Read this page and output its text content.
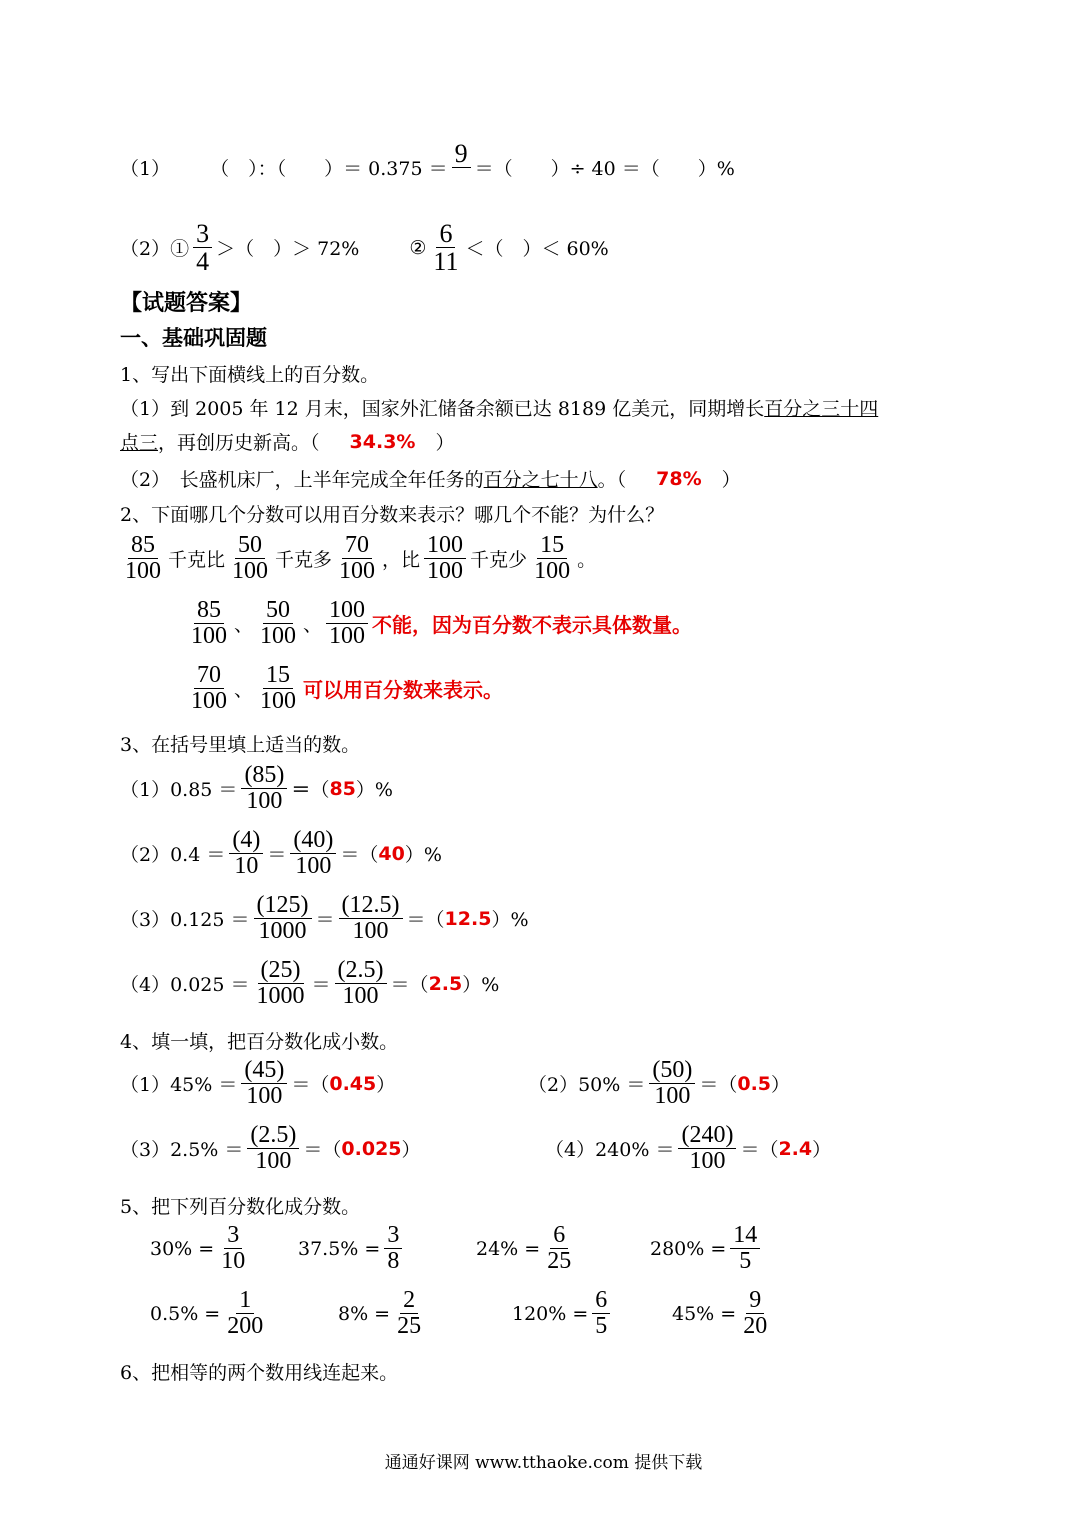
（1） （　）：（　　）＝ 0.375 ＝
9

＝（　　）÷ 40 ＝（　　）%
（2）① $\frac{3}{4}$ ＞（　）＞ 72%	② $\frac{6}{11}$ ＜（　）＜ 60%
【试题答案】
一、基础巩固题
1、写出下面横线上的百分数。
（1）到 2005 年 12 月末，国家外汇储备余额已达 8189 亿美元，同期增长 百分之三十四
点三 ，再创历史新高。（ 34.3% ）
（2）　长盛机床厂，上半年完成全年任务的 百分之七十八 。（ 78% ）
2、下面哪几个分数可以用百分数来表示？哪几个不能？为什么？
85
100 千克比
50
100 千克多
70
100 ，比
100
100 千克少
15
100 。
85
100 、
50
100 、
100
100 不能，因为百分数不表示具体数量。
70
100 、
15
100 可以用百分数来表示。
3、在括号里填上适当的数。
（1）0.85 ＝
(85)
100 ＝ （ 85 ）%
（2）0.4 ＝
(4)
10 ＝
(40)
100 ＝ （ 40 ）%
（3）0.125 ＝
(125)
1000 ＝
(12.5)
100 ＝ （ 12.5 ）%
（4）0.025 ＝
(25)
1000 ＝
(2.5)
100 ＝ （ 2.5 ）%
4、填一填，把百分数化成小数。
（1）45% ＝
(45)
100 ＝（ 0.45 ）	（2）50% ＝
(50)
100 ＝（ 0.5 ）
（3）2.5% ＝
(2.5)
100 ＝（ 0.025 ）	（4）240% ＝
(240)
100 ＝（ 2.4 ）
5、把下列百分数化成分数。
$30\% = \frac{3}{10}$	$37.5\% = \frac{3}{8}$	$24\% = \frac{6}{25}$	$280\% = \frac{14}{5}$
$0.5\% = \frac{1}{200}$	$8\% = \frac{2}{25}$	$120\% = \frac{6}{5}$	$45\% = \frac{9}{20}$
6、把相等的两个数用线连起来。
通通好课网 www.tthaoke.com 提供下载
